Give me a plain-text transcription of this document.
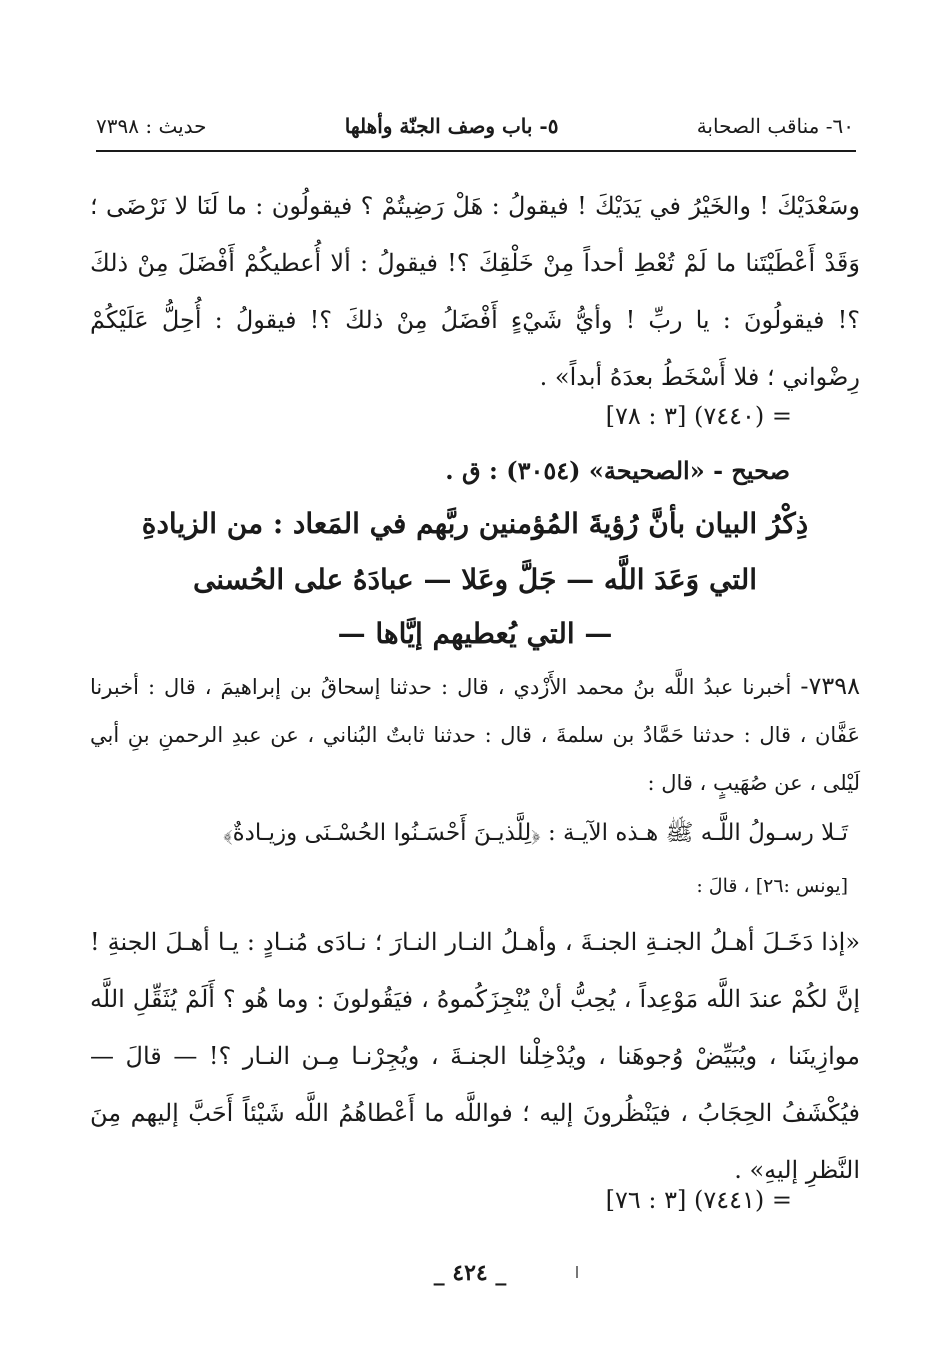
٦٠- مناقب الصحابة
٥- باب وصف الجنّة وأهلها
حديث : ٧٣٩٨
وسَعْدَيْكَ ! والخَيْرُ في يَدَيْكَ ! فيقولُ : هَلْ رَضِيتُمْ ؟ فيقولُون : ما لَنَا لا نَرْضَى ؛ وَقَدْ أَعْطَيْتَنا ما لَمْ تُعْطِ أحداً مِنْ خَلْقِكَ ؟! فيقولُ : ألا أُعطيكُمْ أَفْضَلَ مِنْ ذلكَ ؟! فيقولُونَ : يا ربِّ ! وأيُّ شَيْءٍ أَفْضَلُ مِنْ ذلكَ ؟! فيقولُ : أُحِلُّ عَلَيْكُمْ رِضْواني ؛ فلا أَسْخَطُ بعدَهُ أبداً» .
= (٧٤٤٠) [٣ : ٧٨]
صحيح - «الصحيحة» (٣٠٥٤) : ق .
ذِكْرُ البيان بأنَّ رُؤيةَ المُؤمنين ربَّهم في المَعاد : من الزيادةِ
التي وَعَدَ اللَّه — جَلَّ وعَلا — عبادَهُ على الحُسنى
— التي يُعطيهم إيَّاها —
٧٣٩٨- أخبرنا عبدُ اللَّه بنُ محمد الأَزْدي ، قال : حدثنا إسحاقُ بن إبراهيمَ ، قال : أخبرنا عَفَّان ، قال : حدثنا حَمَّادُ بن سلمةَ ، قال : حدثنا ثابتٌ البُناني ، عن عبدِ الرحمنِ بنِ أبي لَيْلى ، عن صُهَيبٍ ، قال :
تَـلا رسـولُ اللَّـه ﷺ هـذه الآيـة : ﴿لِلَّذيـنَ أَحْسَـنُوا الحُسْـنَى وزيـادةٌ﴾
[يونس :٢٦] ، قالَ :
«إذا دَخَـلَ أهـلُ الجنـةِ الجنـةَ ، وأهـلُ النـار النـارَ ؛ نـادَى مُنـادٍ : يـا أهـلَ الجنةِ ! إنَّ لكُمْ عندَ اللَّه مَوْعِداً ، يُحِبُّ أنْ يُنْجِزَكُموهُ ، فيَقُولونَ : وما هُو ؟ أَلَمْ يُثَقِّلِ اللَّه موازِينَنا ، ويُبَيِّضْ وُجوهَنا ، ويُدْخِلْنا الجنـةَ ، ويُجِرْنـا مِـن النـار ؟! — قالَ — فيُكْشَفُ الحِجَابُ ، فيَنْظُرونَ إليه ؛ فواللَّه ما أَعْطاهُمُ اللَّه شَيْئاً أَحَبَّ إليهم مِنَ النَّظرِ إليهِ» .
= (٧٤٤١) [٣ : ٧٦]
_ ٤٢٤ _
